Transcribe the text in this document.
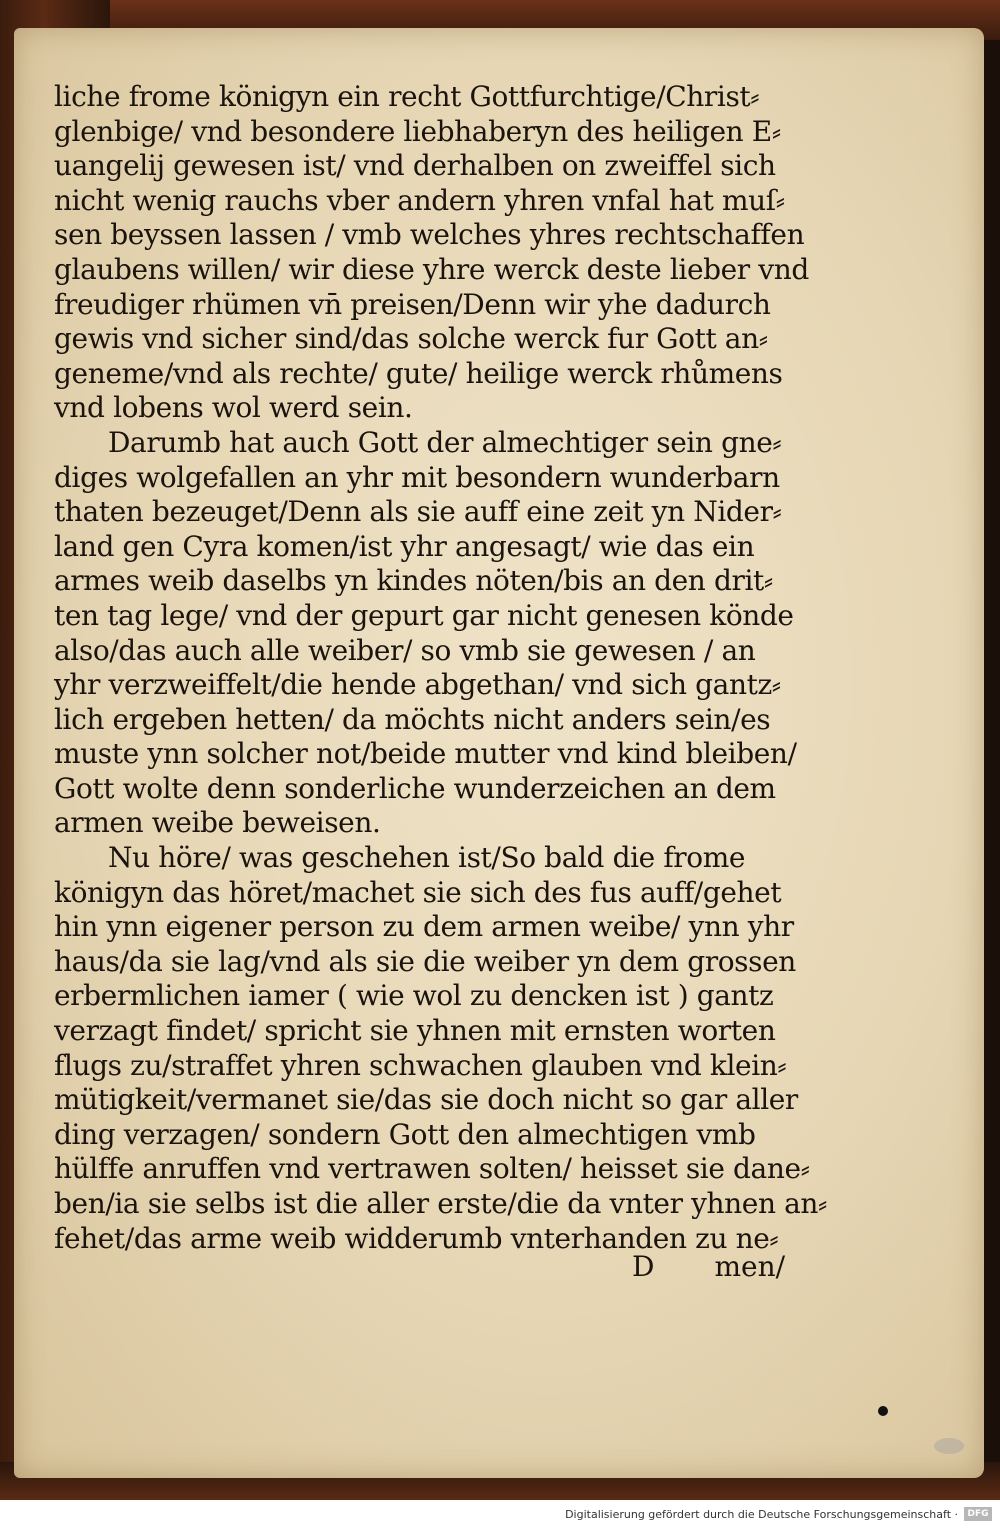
liche frome königyn ein recht Gottfurchtige/Christ⸗
glenbige/ vnd besondere liebhaberyn des heiligen E⸗
uangelij gewesen ist/ vnd derhalben on zweiffel sich
nicht wenig rauchs vber andern yhren vnfal hat muſ⸗
sen beyssen lassen / vmb welches yhres rechtschaffen
glaubens willen/ wir diese yhre werck deste lieber vnd
freudiger rhümen vn̄ preisen/Denn wir yhe dadurch
gewis vnd sicher sind/das solche werck fur Gott an⸗
geneme/vnd als rechte/ gute/ heilige werck rhůmens
vnd lobens wol werd sein.
Darumb hat auch Gott der almechtiger sein gne⸗
diges wolgefallen an yhr mit besondern wunderbarn
thaten bezeuget/Denn als sie auff eine zeit yn Nider⸗
land gen Cyra komen/ist yhr angesagt/ wie das ein
armes weib daselbs yn kindes nöten/bis an den drit⸗
ten tag lege/ vnd der gepurt gar nicht genesen könde
also/das auch alle weiber/ so vmb sie gewesen / an
yhr verzweiffelt/die hende abgethan/ vnd sich gantz⸗
lich ergeben hetten/ da möchts nicht anders sein/es
muste ynn solcher not/beide mutter vnd kind bleiben/
Gott wolte denn sonderliche wunderzeichen an dem
armen weibe beweisen.
Nu höre/ was geschehen ist/So bald die frome
königyn das höret/machet sie sich des fus auff/gehet
hin ynn eigener person zu dem armen weibe/ ynn yhr
haus/da sie lag/vnd als sie die weiber yn dem grossen
erbermlichen iamer ( wie wol zu dencken ist ) gantz
verzagt findet/ spricht sie yhnen mit ernsten worten
flugs zu/straffet yhren schwachen glauben vnd klein⸗
mütigkeit/vermanet sie/das sie doch nicht so gar aller
ding verzagen/ sondern Gott den almechtigen vmb
hülffe anruffen vnd vertrawen solten/ heisset sie dane⸗
ben/ia sie selbs ist die aller erste/die da vnter yhnen an⸗
fehet/das arme weib widderumb vnterhanden zu ne⸗
D men/
Digitalisierung gefördert durch die Deutsche Forschungsgemeinschaft ·	DFG
